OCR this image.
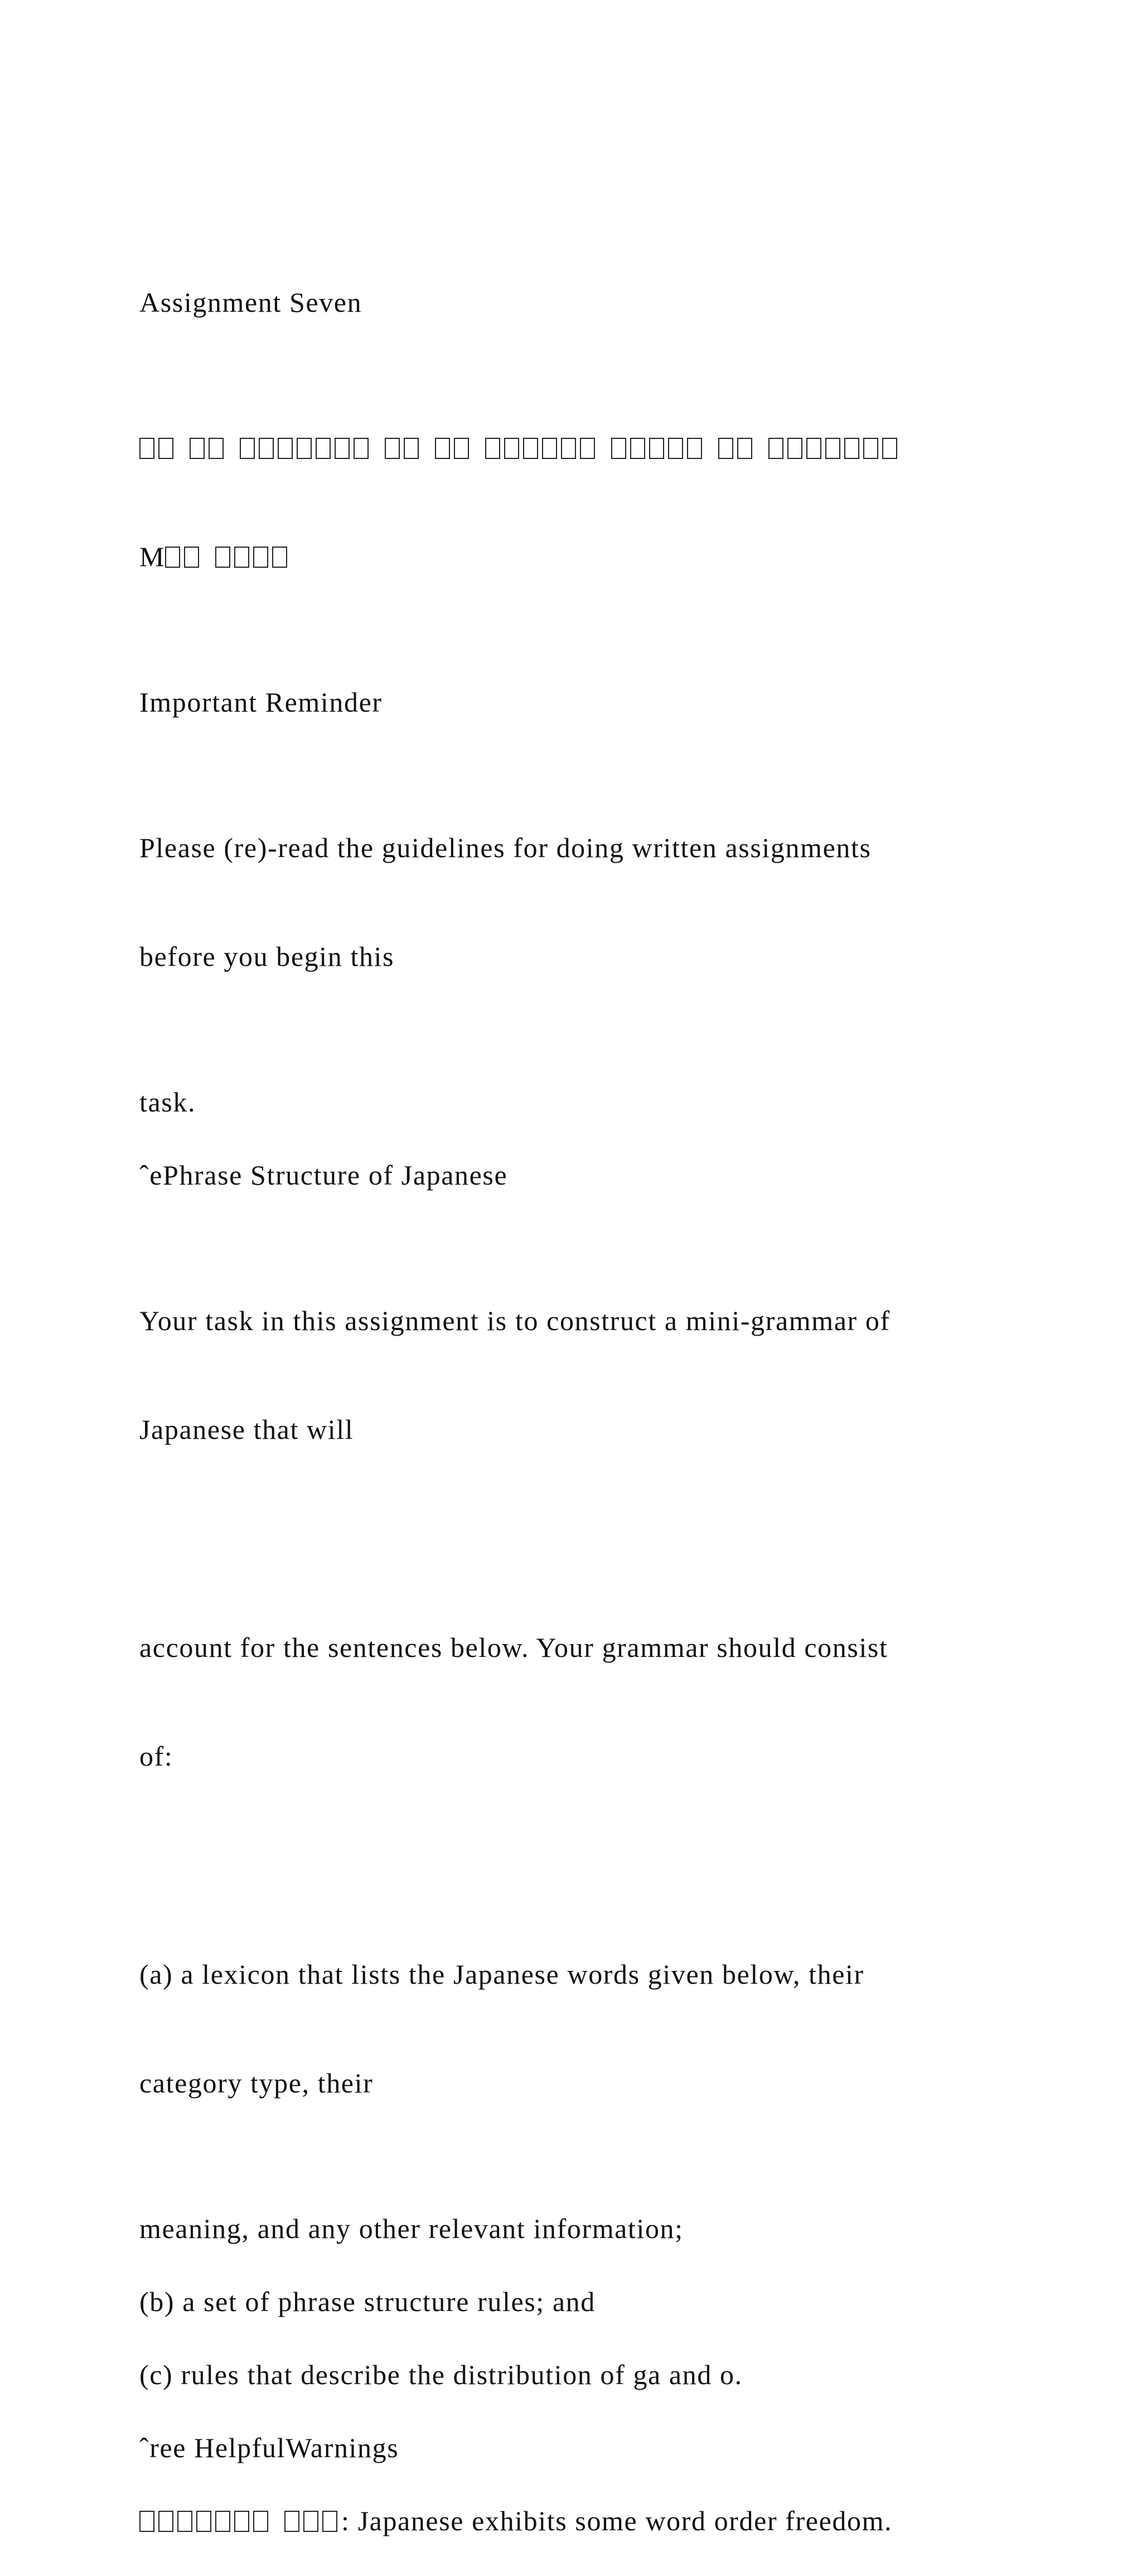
Assignment Seven

M

Important Reminder

Please (re)-read the guidelines for doing written assignments

before you begin this

task.

ˆePhrase Structure of Japanese

Your task in this assignment is to construct a mini-grammar of

Japanese that will

account for the sentences below. Your grammar should consist

of:

(a) a lexicon that lists the Japanese words given below, their

category type, their

meaning, and any other relevant information;

(b) a set of phrase structure rules; and

(c) rules that describe the distribution of ga and o.

ˆree HelpfulWarnings

: Japanese exhibits some word order freedom.
